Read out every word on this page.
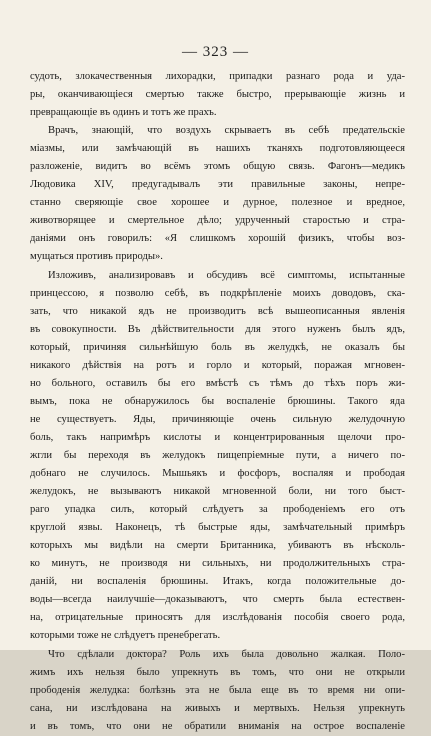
— 323 —
судоть, злокачественныя лихорадки, припадки разнаго рода и уда-
ры, оканчивающіеся смертью также быстро, прерывающіе жизнь и
превращающіе въ одинъ и тотъ же прахъ.
Врачъ, знающій, что воздухъ скрываетъ въ себѣ предательскіе
міазмы, или замѣчающій въ нашихъ тканяхъ подготовляющееся
разложеніе, видитъ во всёмъ этомъ общую связь. Фагонъ—медикъ
Людовика XIV, предугадывалъ эти правильные законы, непре-
станно сверяющіе свое хорошее и дурное, полезное и вредное,
животворящее и смертельное дѣло; удрученный старостью и стра-
даніями онъ говорилъ: «Я слишкомъ хорошій физикъ, чтобы воз-
мущаться противъ природы».
Изложивъ, анализировавъ и обсудивъ всё симптомы, испытанные
принцессою, я позволю себѣ, въ подкрѣпленіе моихъ доводовъ, ска-
зать, что никакой ядъ не производитъ всѣ вышеописанныя явленія
въ совокупности. Въ дѣйствительности для этого нуженъ былъ ядъ,
который, причиняя сильнѣйшую боль въ желудкѣ, не оказалъ бы
никакого дѣйствія на ротъ и горло и который, поражая мгновен-
но больного, оставилъ бы его вмѣстѣ съ тѣмъ до тѣхъ поръ жи-
вымъ, пока не обнаружилось бы воспаленіе брюшины. Такого яда
не существуетъ. Яды, причиняющіе очень сильную желудочную
боль, такъ напримѣръ кислоты и концентрированныя щелочи про-
жгли бы переходя въ желудокъ пищепріемные пути, а ничего по-
добнаго не случилось. Мышьякъ и фосфоръ, воспаляя и прободая
желудокъ, не вызываютъ никакой мгновенной боли, ни того быст-
раго упадка силъ, который слѣдуетъ за прободеніемъ его отъ
круглой язвы. Наконецъ, тѣ быстрые яды, замѣчательный примѣръ
которыхъ мы видѣли на смерти Британника, убиваютъ въ нѣсколь-
ко минутъ, не производя ни сильныхъ, ни продолжительныхъ стра-
даній, ни воспаленія брюшины. Итакъ, когда положительные до-
воды—всегда наилучшіе—доказываютъ, что смерть была естествен-
на, отрицательные приносятъ для изслѣдованія пособія своего рода,
которыми тоже не слѣдуетъ пренебрегать.
Что сдѣлали доктора? Роль ихъ была довольно жалкая. Поло-
жимъ ихъ нельзя было упрекнуть въ томъ, что они не открыли
прободенія желудка: болѣзнь эта не была еще въ то время ни опи-
сана, ни изслѣдована на живыхъ и мертвыхъ. Нельзя упрекнуть
и въ томъ, что они не обратили вниманія на острое воспаленіе
